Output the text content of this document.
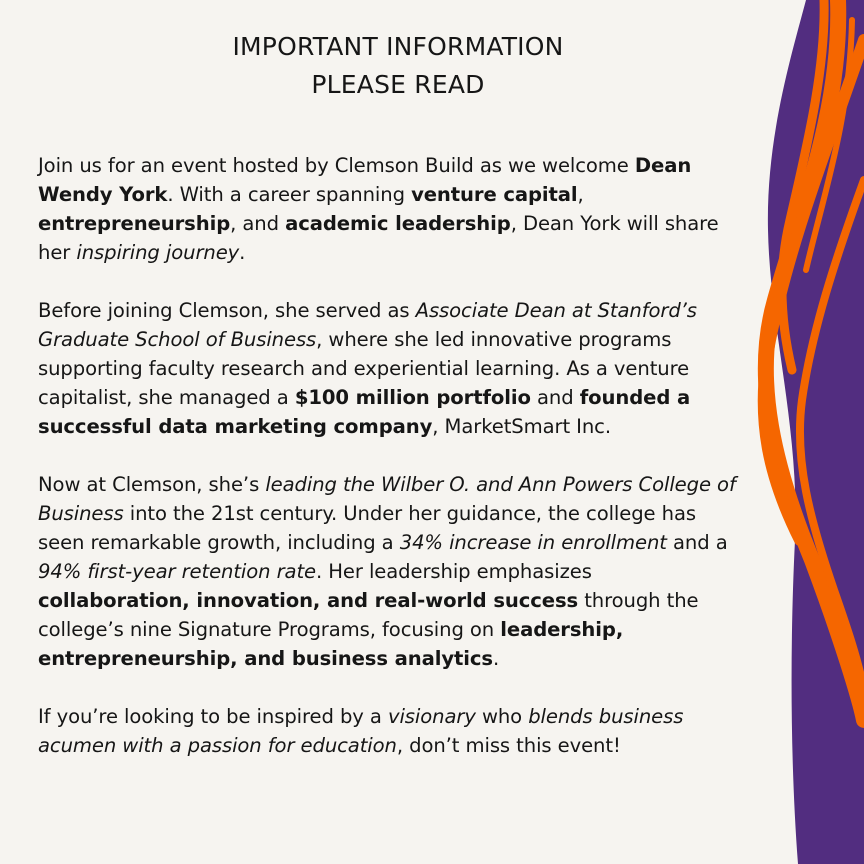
IMPORTANT INFORMATION
PLEASE READ

Join us for an event hosted by Clemson Build as we welcome Dean Wendy York. With a career spanning venture capital, entrepreneurship, and academic leadership, Dean York will share her inspiring journey.

Before joining Clemson, she served as Associate Dean at Stanford’s Graduate School of Business, where she led innovative programs supporting faculty research and experiential learning. As a venture capitalist, she managed a $100 million portfolio and founded a successful data marketing company, MarketSmart Inc.

Now at Clemson, she’s leading the Wilber O. and Ann Powers College of Business into the 21st century. Under her guidance, the college has seen remarkable growth, including a 34% increase in enrollment and a 94% first-year retention rate. Her leadership emphasizes collaboration, innovation, and real-world success through the college’s nine Signature Programs, focusing on leadership, entrepreneurship, and business analytics.

If you’re looking to be inspired by a visionary who blends business acumen with a passion for education, don’t miss this event!
